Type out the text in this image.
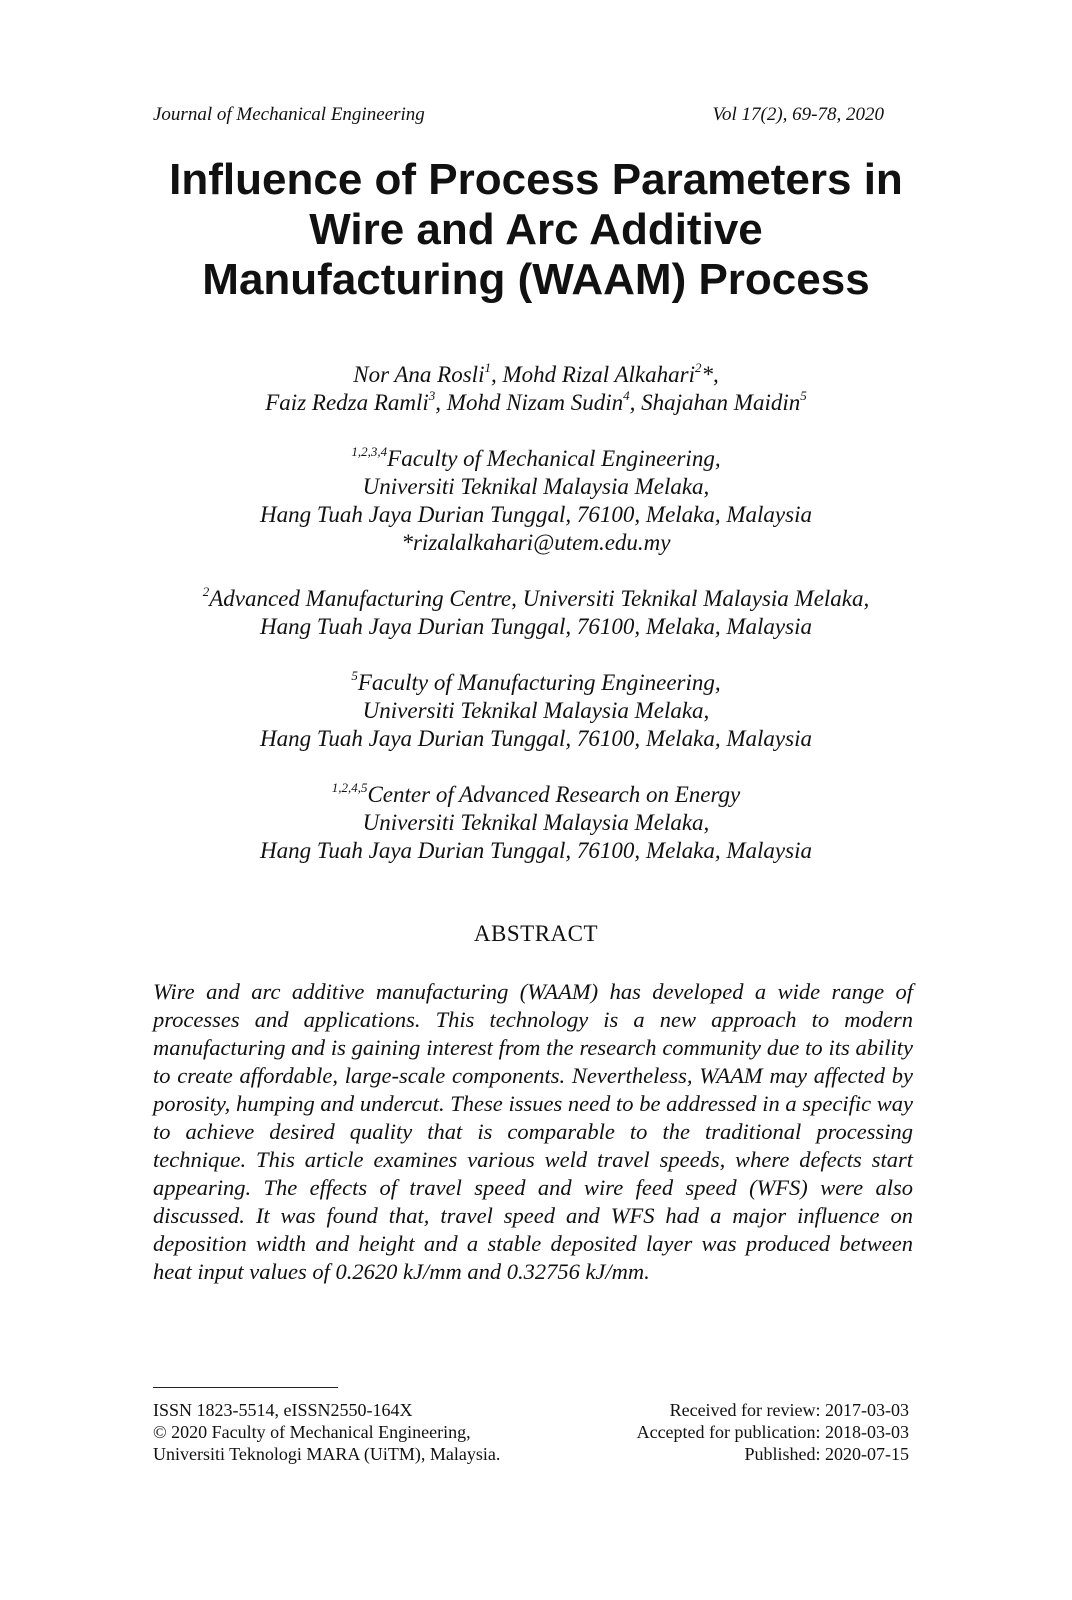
Journal of Mechanical Engineering	Vol 17(2), 69-78, 2020
Influence of Process Parameters in
Wire and Arc Additive
Manufacturing (WAAM) Process
Nor Ana Rosli$^1$, Mohd Rizal Alkahari$^2$*,
Faiz Redza Ramli$^3$, Mohd Nizam Sudin$^4$, Shajahan Maidin$^5$
$^{1,2,3,4}$Faculty of Mechanical Engineering,
Universiti Teknikal Malaysia Melaka,
Hang Tuah Jaya Durian Tunggal, 76100, Melaka, Malaysia
*rizalalkahari@utem.edu.my
$^2$Advanced Manufacturing Centre, Universiti Teknikal Malaysia Melaka,
Hang Tuah Jaya Durian Tunggal, 76100, Melaka, Malaysia
$^5$Faculty of Manufacturing Engineering,
Universiti Teknikal Malaysia Melaka,
Hang Tuah Jaya Durian Tunggal, 76100, Melaka, Malaysia
$^{1,2,4,5}$Center of Advanced Research on Energy
Universiti Teknikal Malaysia Melaka,
Hang Tuah Jaya Durian Tunggal, 76100, Melaka, Malaysia
ABSTRACT

Wire and arc additive manufacturing (WAAM) has developed a wide range of processes and applications. This technology is a new approach to modern manufacturing and is gaining interest from the research community due to its ability to create affordable, large-scale components. Nevertheless, WAAM may affected by porosity, humping and undercut. These issues need to be addressed in a specific way to achieve desired quality that is comparable to the traditional processing technique. This article examines various weld travel speeds, where defects start appearing. The effects of travel speed and wire feed speed (WFS) were also discussed. It was found that, travel speed and WFS had a major influence on deposition width and height and a stable deposited layer was produced between heat input values of 0.2620 kJ/mm and 0.32756 kJ/mm.

ISSN 1823-5514, eISSN2550-164X
© 2020 Faculty of Mechanical Engineering,
Universiti Teknologi MARA (UiTM), Malaysia.
Received for review: 2017-03-03
Accepted for publication: 2018-03-03
Published: 2020-07-15
